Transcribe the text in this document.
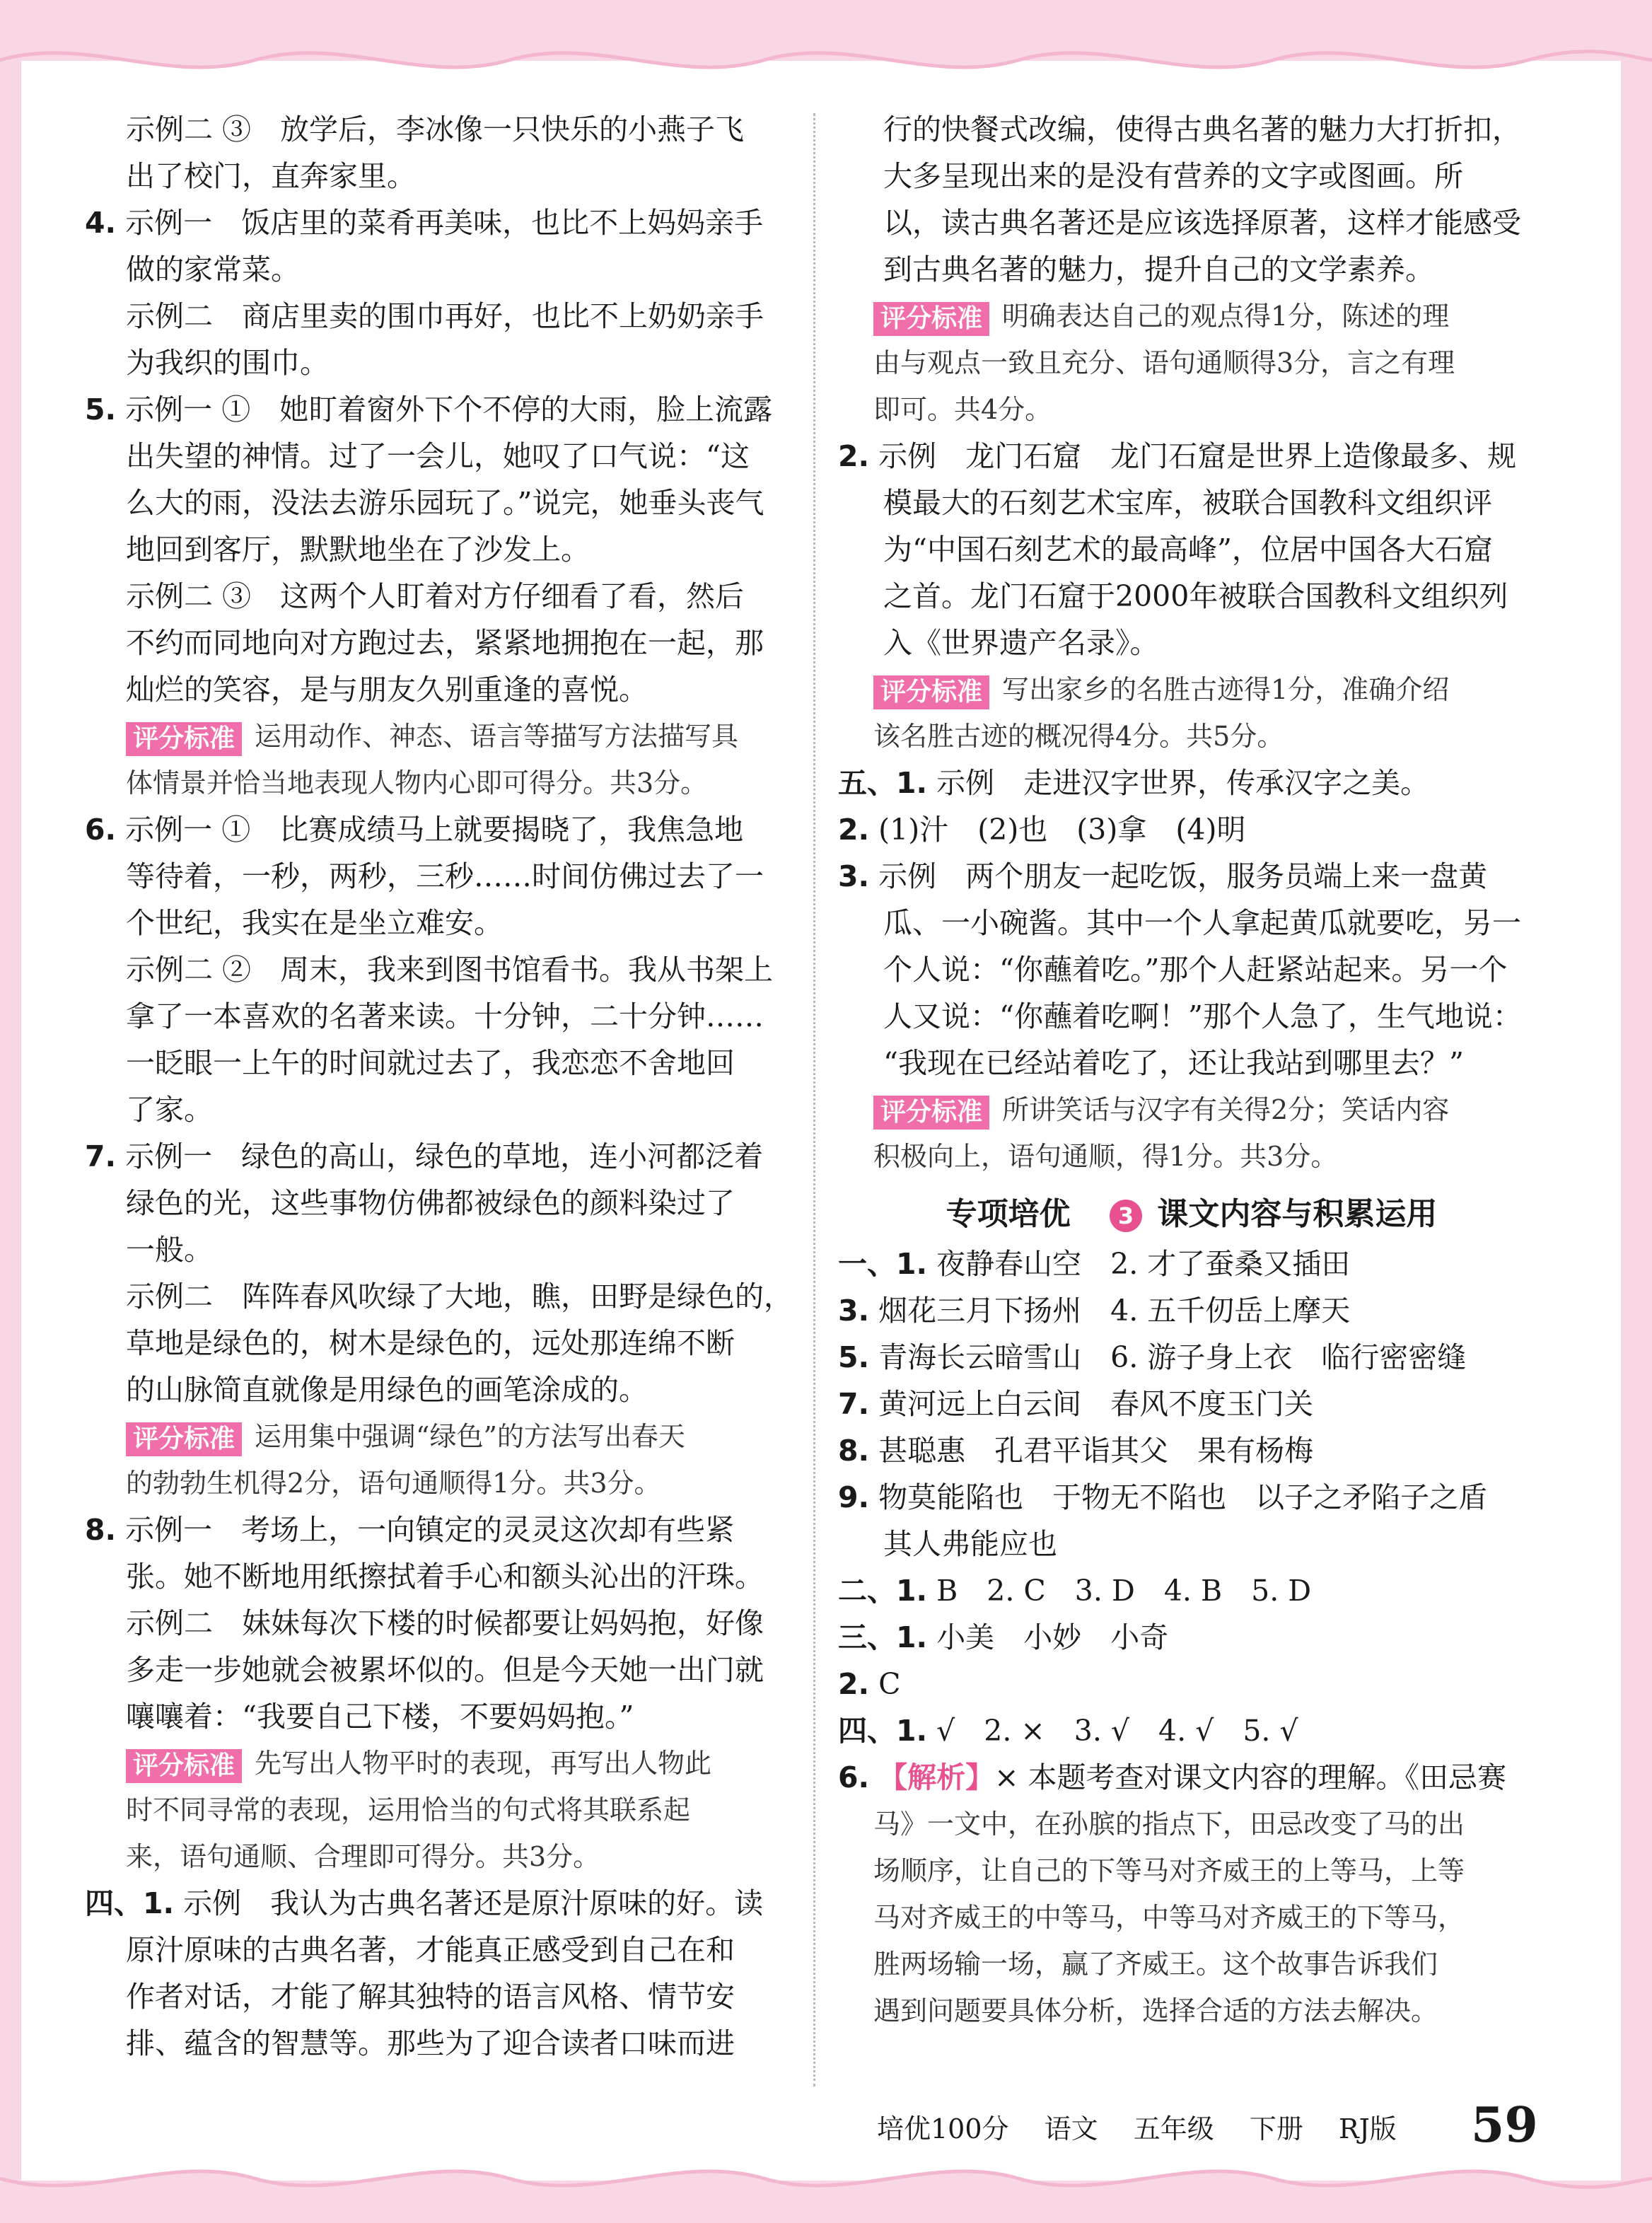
示例二 ③　放学后，李冰像一只快乐的小燕子飞

出了校门，直奔家里。

4. 示例一　饭店里的菜肴再美味，也比不上妈妈亲手

做的家常菜。

示例二　商店里卖的围巾再好，也比不上奶奶亲手

为我织的围巾。

5. 示例一 ①　她盯着窗外下个不停的大雨，脸上流露

出失望的神情。过了一会儿，她叹了口气说：“这

么大的雨，没法去游乐园玩了。”说完，她垂头丧气

地回到客厅，默默地坐在了沙发上。

示例二 ③　这两个人盯着对方仔细看了看，然后

不约而同地向对方跑过去，紧紧地拥抱在一起，那

灿烂的笑容，是与朋友久别重逢的喜悦。

评分标准 运用动作、神态、语言等描写方法描写具

体情景并恰当地表现人物内心即可得分。共3分。

6. 示例一 ①　比赛成绩马上就要揭晓了，我焦急地

等待着，一秒，两秒，三秒……时间仿佛过去了一

个世纪，我实在是坐立难安。

示例二 ②　周末，我来到图书馆看书。我从书架上

拿了一本喜欢的名著来读。十分钟，二十分钟……

一眨眼一上午的时间就过去了，我恋恋不舍地回

了家。

7. 示例一　绿色的高山，绿色的草地，连小河都泛着

绿色的光，这些事物仿佛都被绿色的颜料染过了

一般。

示例二　阵阵春风吹绿了大地，瞧，田野是绿色的，

草地是绿色的，树木是绿色的，远处那连绵不断

的山脉简直就像是用绿色的画笔涂成的。

评分标准 运用集中强调“绿色”的方法写出春天

的勃勃生机得2分，语句通顺得1分。共3分。

8. 示例一　考场上，一向镇定的灵灵这次却有些紧

张。她不断地用纸擦拭着手心和额头沁出的汗珠。

示例二　妹妹每次下楼的时候都要让妈妈抱，好像

多走一步她就会被累坏似的。但是今天她一出门就

嚷嚷着：“我要自己下楼，不要妈妈抱。”

评分标准 先写出人物平时的表现，再写出人物此

时不同寻常的表现，运用恰当的句式将其联系起

来，语句通顺、合理即可得分。共3分。

四、1. 示例　我认为古典名著还是原汁原味的好。读

原汁原味的古典名著，才能真正感受到自己在和

作者对话，才能了解其独特的语言风格、情节安

排、蕴含的智慧等。那些为了迎合读者口味而进

行的快餐式改编，使得古典名著的魅力大打折扣，

大多呈现出来的是没有营养的文字或图画。所

以，读古典名著还是应该选择原著，这样才能感受

到古典名著的魅力，提升自己的文学素养。

评分标准 明确表达自己的观点得1分，陈述的理

由与观点一致且充分、语句通顺得3分，言之有理

即可。共4分。

2. 示例　龙门石窟　龙门石窟是世界上造像最多、规

模最大的石刻艺术宝库，被联合国教科文组织评

为“中国石刻艺术的最高峰”，位居中国各大石窟

之首。龙门石窟于2000年被联合国教科文组织列

入《世界遗产名录》。

评分标准 写出家乡的名胜古迹得1分，准确介绍

该名胜古迹的概况得4分。共5分。

五、1. 示例　走进汉字世界，传承汉字之美。

2. (1)汁　(2)也　(3)拿　(4)明

3. 示例　两个朋友一起吃饭，服务员端上来一盘黄

瓜、一小碗酱。其中一个人拿起黄瓜就要吃，另一

个人说：“你蘸着吃。”那个人赶紧站起来。另一个

人又说：“你蘸着吃啊！”那个人急了，生气地说：

“我现在已经站着吃了，还让我站到哪里去？”

评分标准 所讲笑话与汉字有关得2分；笑话内容

积极向上，语句通顺，得1分。共3分。

专项培优 3 课文内容与积累运用

一、1. 夜静春山空　2. 才了蚕桑又插田

3. 烟花三月下扬州　4. 五千仞岳上摩天

5. 青海长云暗雪山　6. 游子身上衣　临行密密缝

7. 黄河远上白云间　春风不度玉门关

8. 甚聪惠　孔君平诣其父　果有杨梅

9. 物莫能陷也　于物无不陷也　以子之矛陷子之盾

其人弗能应也

二、1. B　2. C　3. D　4. B　5. D

三、1. 小美　小妙　小奇

2. C

四、1. √　2. ×　3. √　4. √　5. √

6. 【解析】× 本题考查对课文内容的理解。《田忌赛

马》一文中，在孙膑的指点下，田忌改变了马的出

场顺序，让自己的下等马对齐威王的上等马，上等

马对齐威王的中等马，中等马对齐威王的下等马，

胜两场输一场，赢了齐威王。这个故事告诉我们

遇到问题要具体分析，选择合适的方法去解决。

培优100分 语文 五年级 下册 RJ版	59
